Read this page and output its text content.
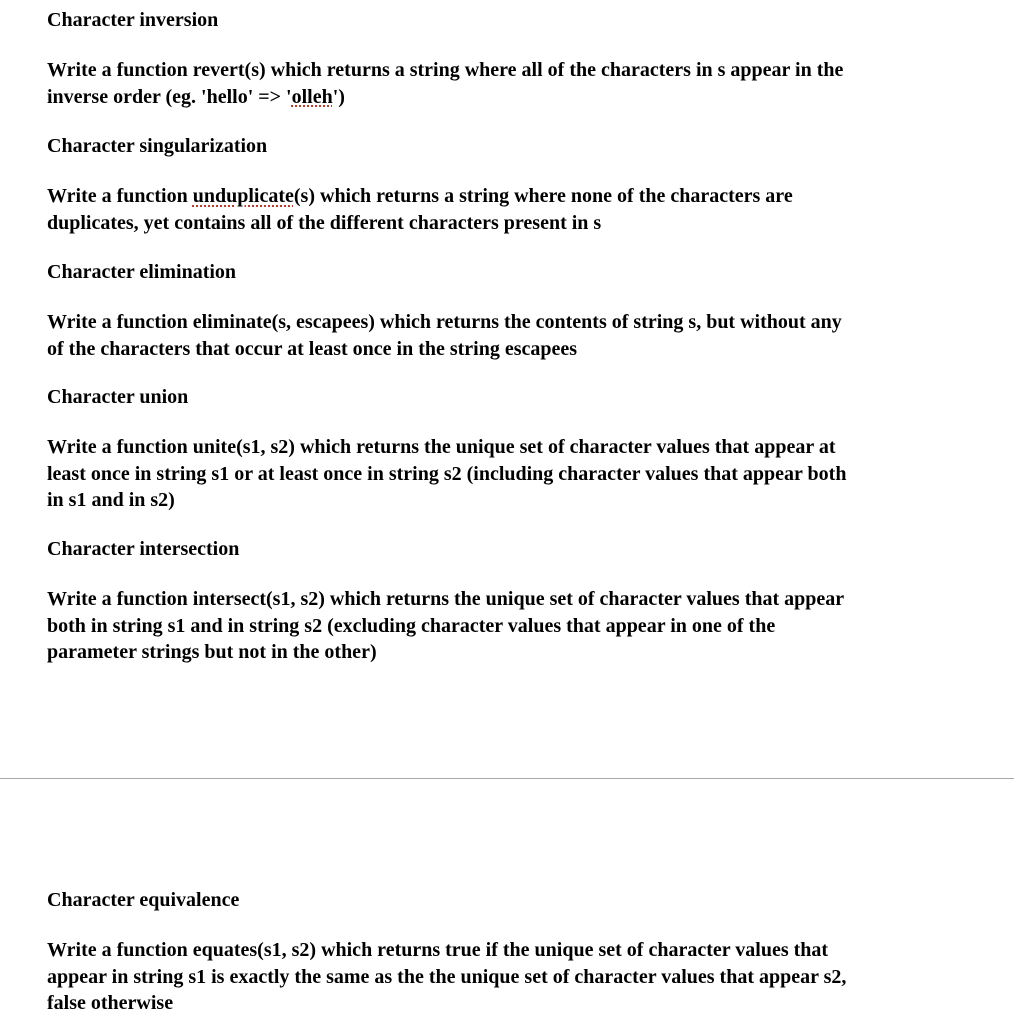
Character inversion

Write a function revert(s) which returns a string where all of the characters in s appear in the
inverse order (eg. 'hello' => 'olleh')

Character singularization

Write a function unduplicate(s) which returns a string where none of the characters are
duplicates, yet contains all of the different characters present in s

Character elimination

Write a function eliminate(s, escapees) which returns the contents of string s, but without any
of the characters that occur at least once in the string escapees

Character union

Write a function unite(s1, s2) which returns the unique set of character values that appear at
least once in string s1 or at least once in string s2 (including character values that appear both
in s1 and in s2)

Character intersection

Write a function intersect(s1, s2) which returns the unique set of character values that appear
both in string s1 and in string s2 (excluding character values that appear in one of the
parameter strings but not in the other)

Character equivalence

Write a function equates(s1, s2) which returns true if the unique set of character values that
appear in string s1 is exactly the same as the the unique set of character values that appear s2,
false otherwise
